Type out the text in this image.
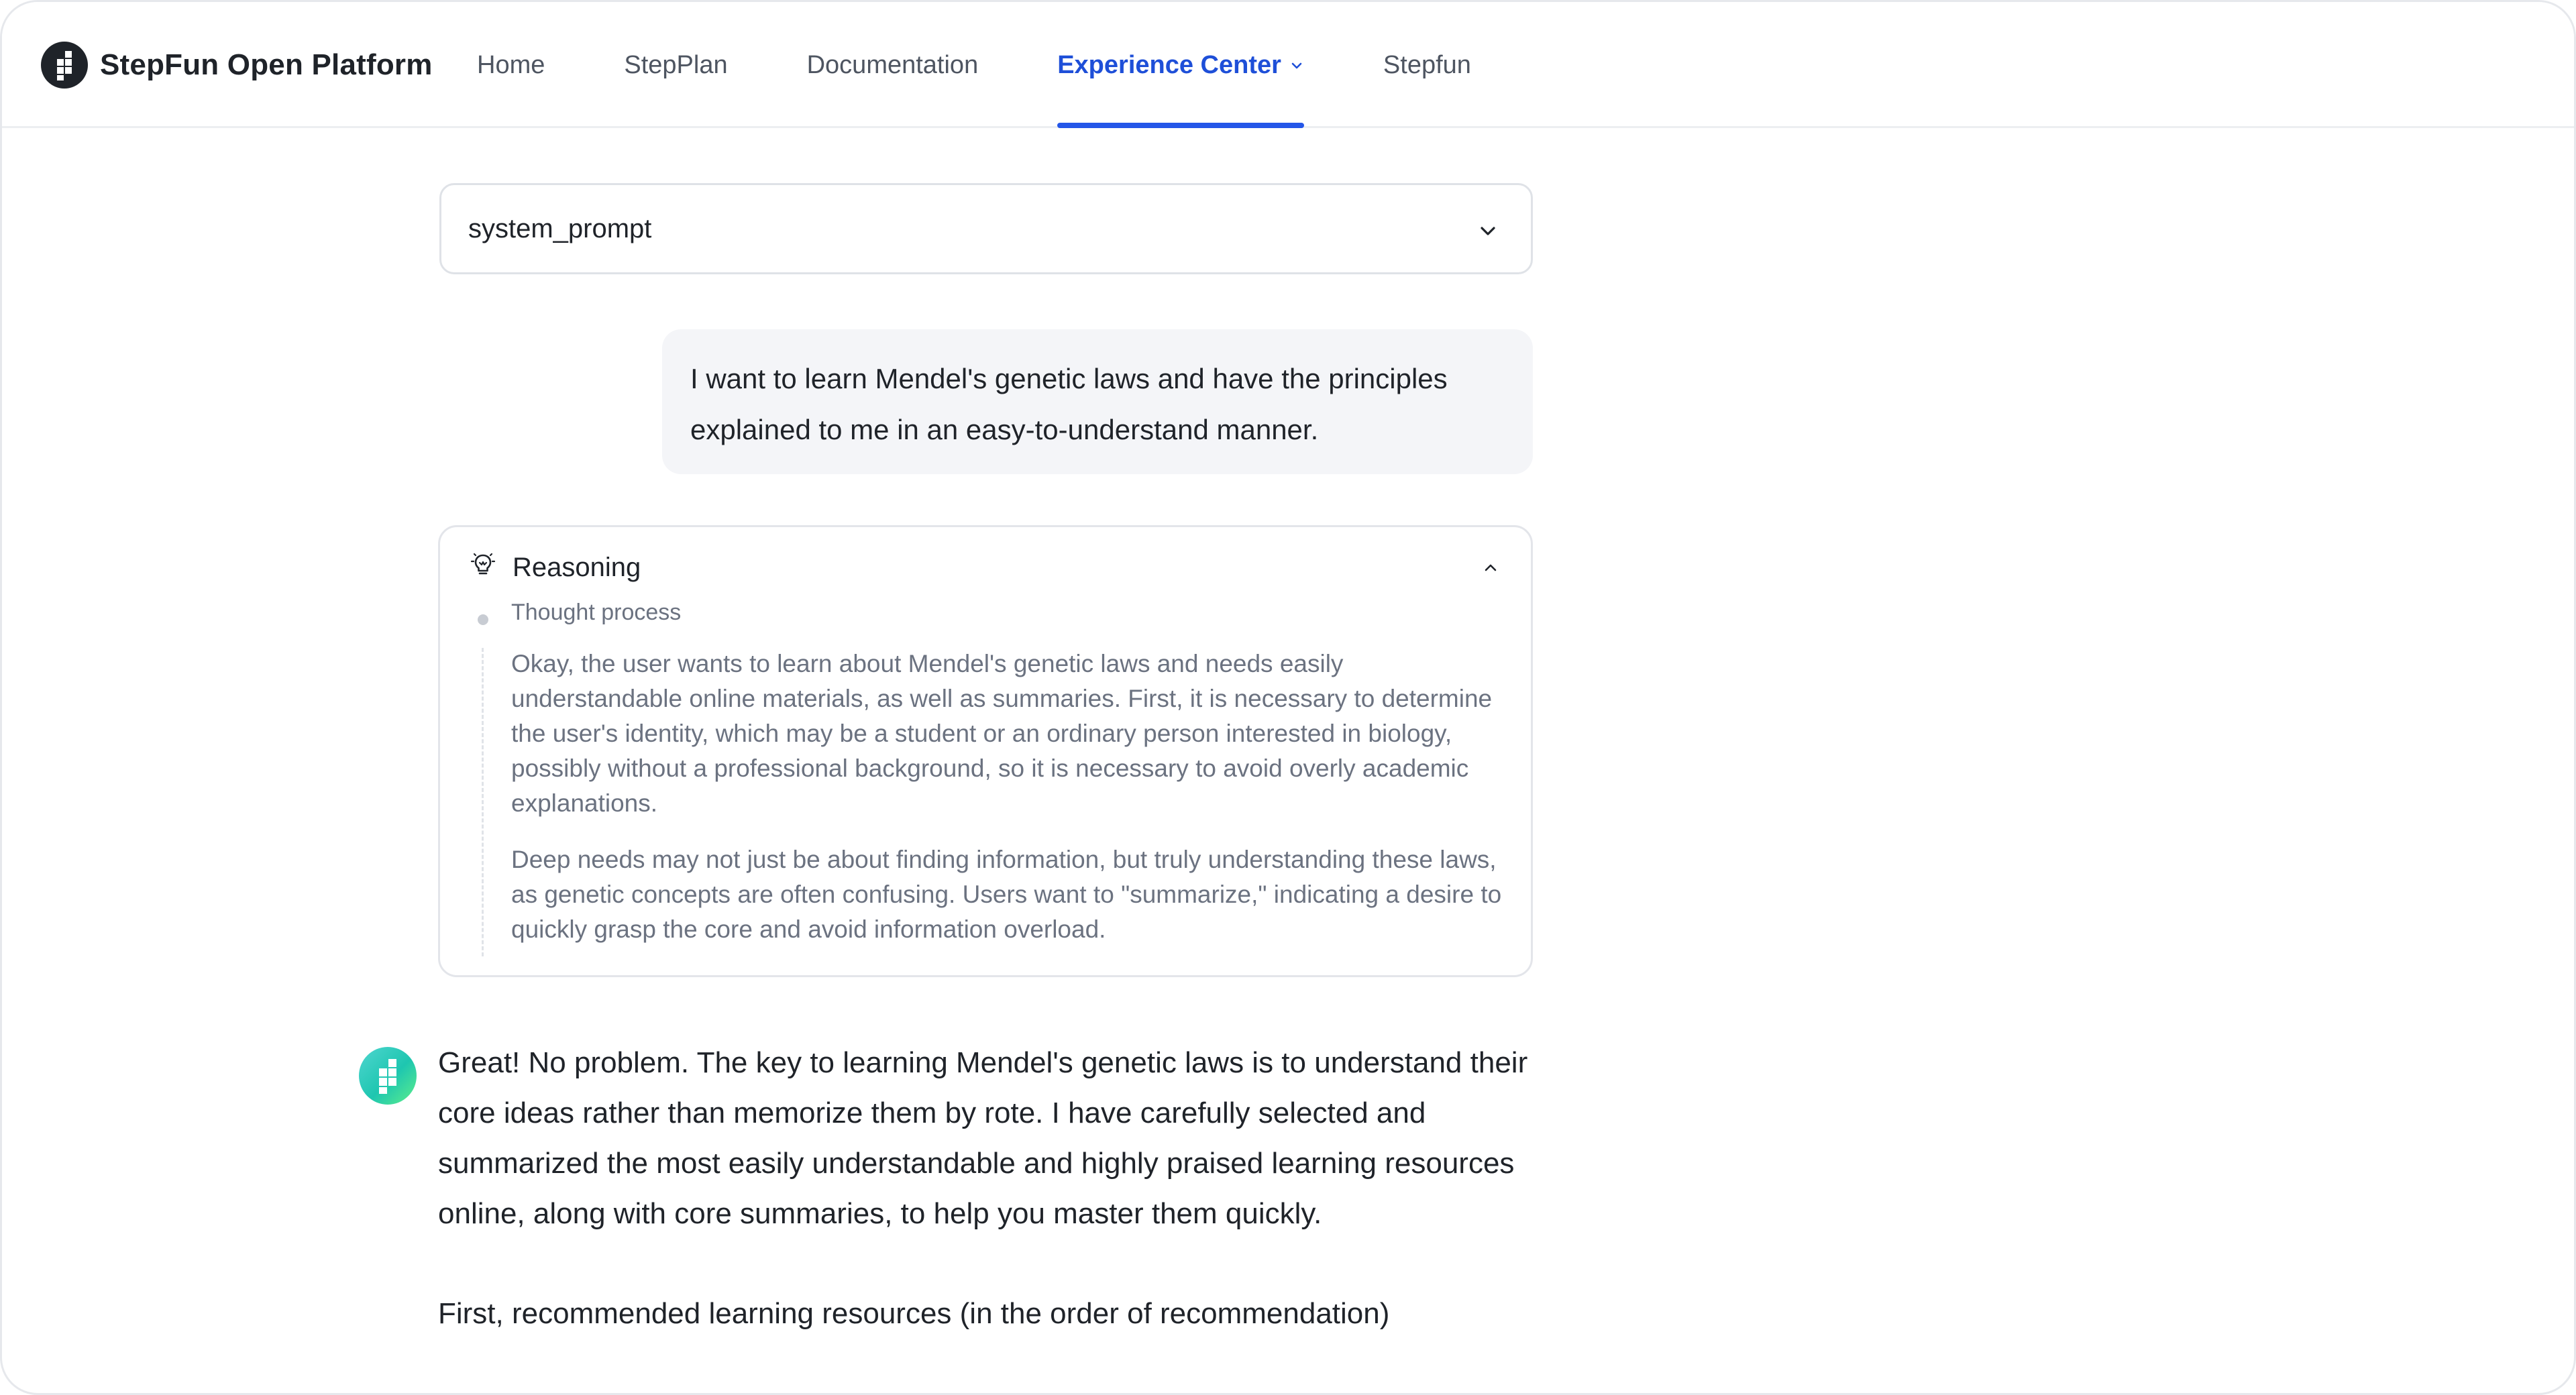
StepFun Open Platform Home	StepPlan	Documentation	Experience Center	Stepfun
system_prompt
I want to learn Mendel's genetic laws and have the principles explained to me in an easy-to-understand manner.
Reasoning
Thought process

Okay, the user wants to learn about Mendel's genetic laws and needs easily understandable online materials, as well as summaries. First, it is necessary to determine the user's identity, which may be a student or an ordinary person interested in biology, possibly without a professional background, so it is necessary to avoid overly academic explanations.

Deep needs may not just be about finding information, but truly understanding these laws, as genetic concepts are often confusing. Users want to "summarize," indicating a desire to quickly grasp the core and avoid information overload.

Great! No problem. The key to learning Mendel's genetic laws is to understand their core ideas rather than memorize them by rote. I have carefully selected and summarized the most easily understandable and highly praised learning resources online, along with core summaries, to help you master them quickly.

First, recommended learning resources (in the order of recommendation)
